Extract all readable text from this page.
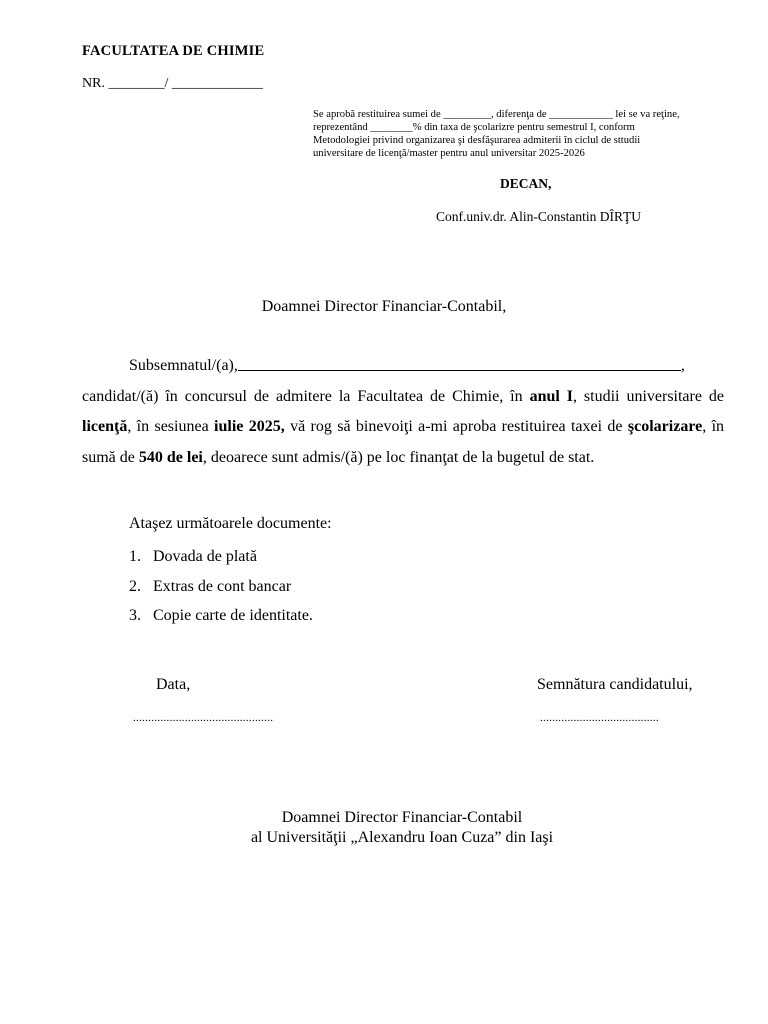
FACULTATEA DE CHIMIE
NR. ________/ _____________
Se aprobă restituirea sumei de _________, diferenţa de ____________ lei se va reţine, reprezentând ________% din taxa de şcolarizre pentru semestrul I, conform Metodologiei privind organizarea şi desfăşurarea admiterii în ciclul de sttudii universitare de licenţă/master pentru anul universitar 2025-2026
DECAN,
Conf.univ.dr. Alin-Constantin DÎRŢU
Doamnei Director Financiar-Contabil,
Subsemnatul/(a),	, candidat/(ă) în concursul de admitere la Facultatea de Chimie, în anul I, studii universitare de licenţă, în sesiunea iulie 2025, vă rog să binevoiţi a-mi aproba restituirea taxei de şcolarizare, în sumă de 540 de lei, deoarece sunt admis/(ă) pe loc finanţat de la bugetul de stat.
Ataşez următoarele documente:
1. Dovada de plată
2. Extras de cont bancar
3. Copie carte de identitate.
Data,	Semnătura candidatului,
..............................................	.......................................
Doamnei Director Financiar-Contabil
al Universităţii „Alexandru Ioan Cuza” din Iaşi
